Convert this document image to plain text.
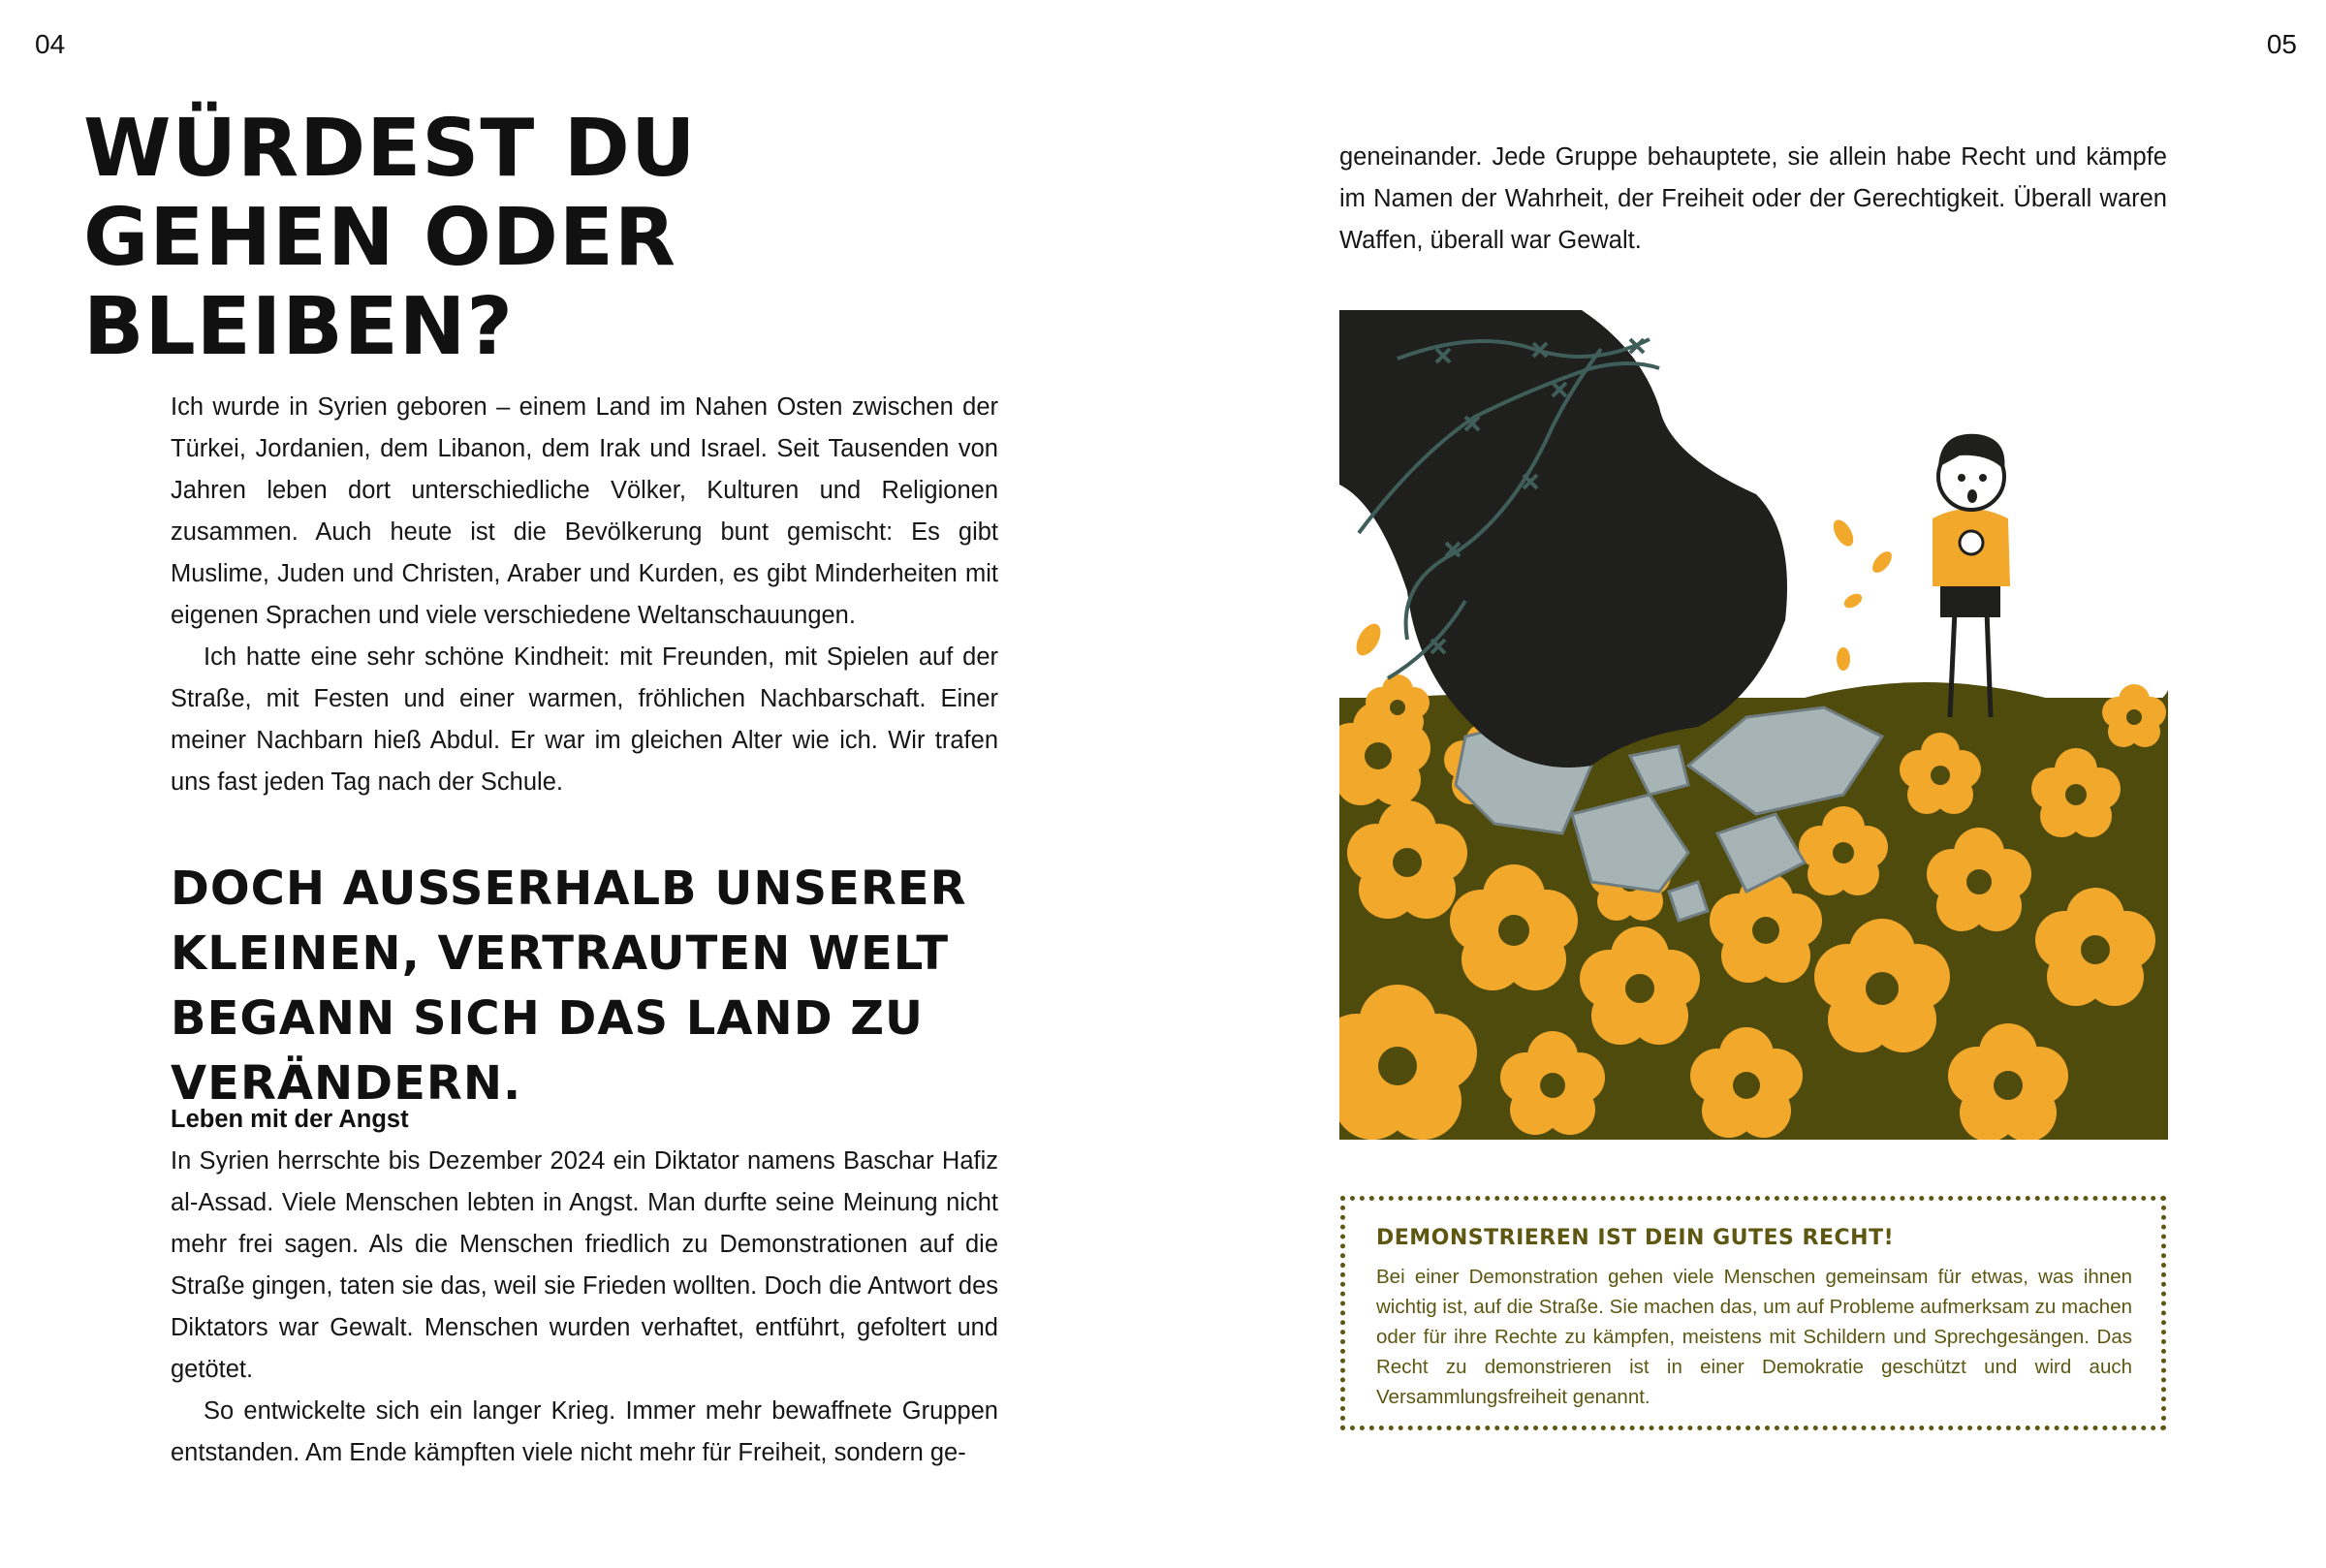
04	05
WÜRDEST DU GEHEN ODER BLEIBEN?

Ich wurde in Syrien geboren – einem Land im Nahen Osten zwischen der Türkei, Jordanien, dem Libanon, dem Irak und Israel. Seit Tausenden von Jahren leben dort unterschiedliche Völker, Kulturen und Religionen zusammen. Auch heute ist die Bevölkerung bunt gemischt: Es gibt Muslime, Juden und Christen, Araber und Kurden, es gibt Minderheiten mit eigenen Sprachen und viele verschiedene Weltanschauungen.

Ich hatte eine sehr schöne Kindheit: mit Freunden, mit Spielen auf der Straße, mit Festen und einer warmen, fröhlichen Nachbarschaft. Einer meiner Nachbarn hieß Abdul. Er war im gleichen Alter wie ich. Wir trafen uns fast jeden Tag nach der Schule.

DOCH AUSSERHALB UNSERER KLEINEN, VERTRAUTEN WELT BEGANN SICH DAS LAND ZU VERÄNDERN.
Leben mit der Angst

In Syrien herrschte bis Dezember 2024 ein Diktator namens Baschar Hafiz al-Assad. Viele Menschen lebten in Angst. Man durfte seine Meinung nicht mehr frei sagen. Als die Menschen friedlich zu Demonstrationen auf die Straße gingen, taten sie das, weil sie Frieden wollten. Doch die Antwort des Diktators war Gewalt. Menschen wurden verhaftet, entführt, gefoltert und getötet.

So entwickelte sich ein langer Krieg. Immer mehr bewaffnete Gruppen entstanden. Am Ende kämpften viele nicht mehr für Freiheit, sondern ge-

geneinander. Jede Gruppe behauptete, sie allein habe Recht und kämpfe im Namen der Wahrheit, der Freiheit oder der Gerechtigkeit. Überall waren Waffen, überall war Gewalt.

DEMONSTRIEREN IST DEIN GUTES RECHT!

Bei einer Demonstration gehen viele Menschen gemeinsam für etwas, was ihnen wichtig ist, auf die Straße. Sie machen das, um auf Probleme aufmerksam zu machen oder für ihre Rechte zu kämpfen, meistens mit Schildern und Sprechgesängen. Das Recht zu demonstrieren ist in einer Demokratie geschützt und wird auch Versammlungsfreiheit genannt.
